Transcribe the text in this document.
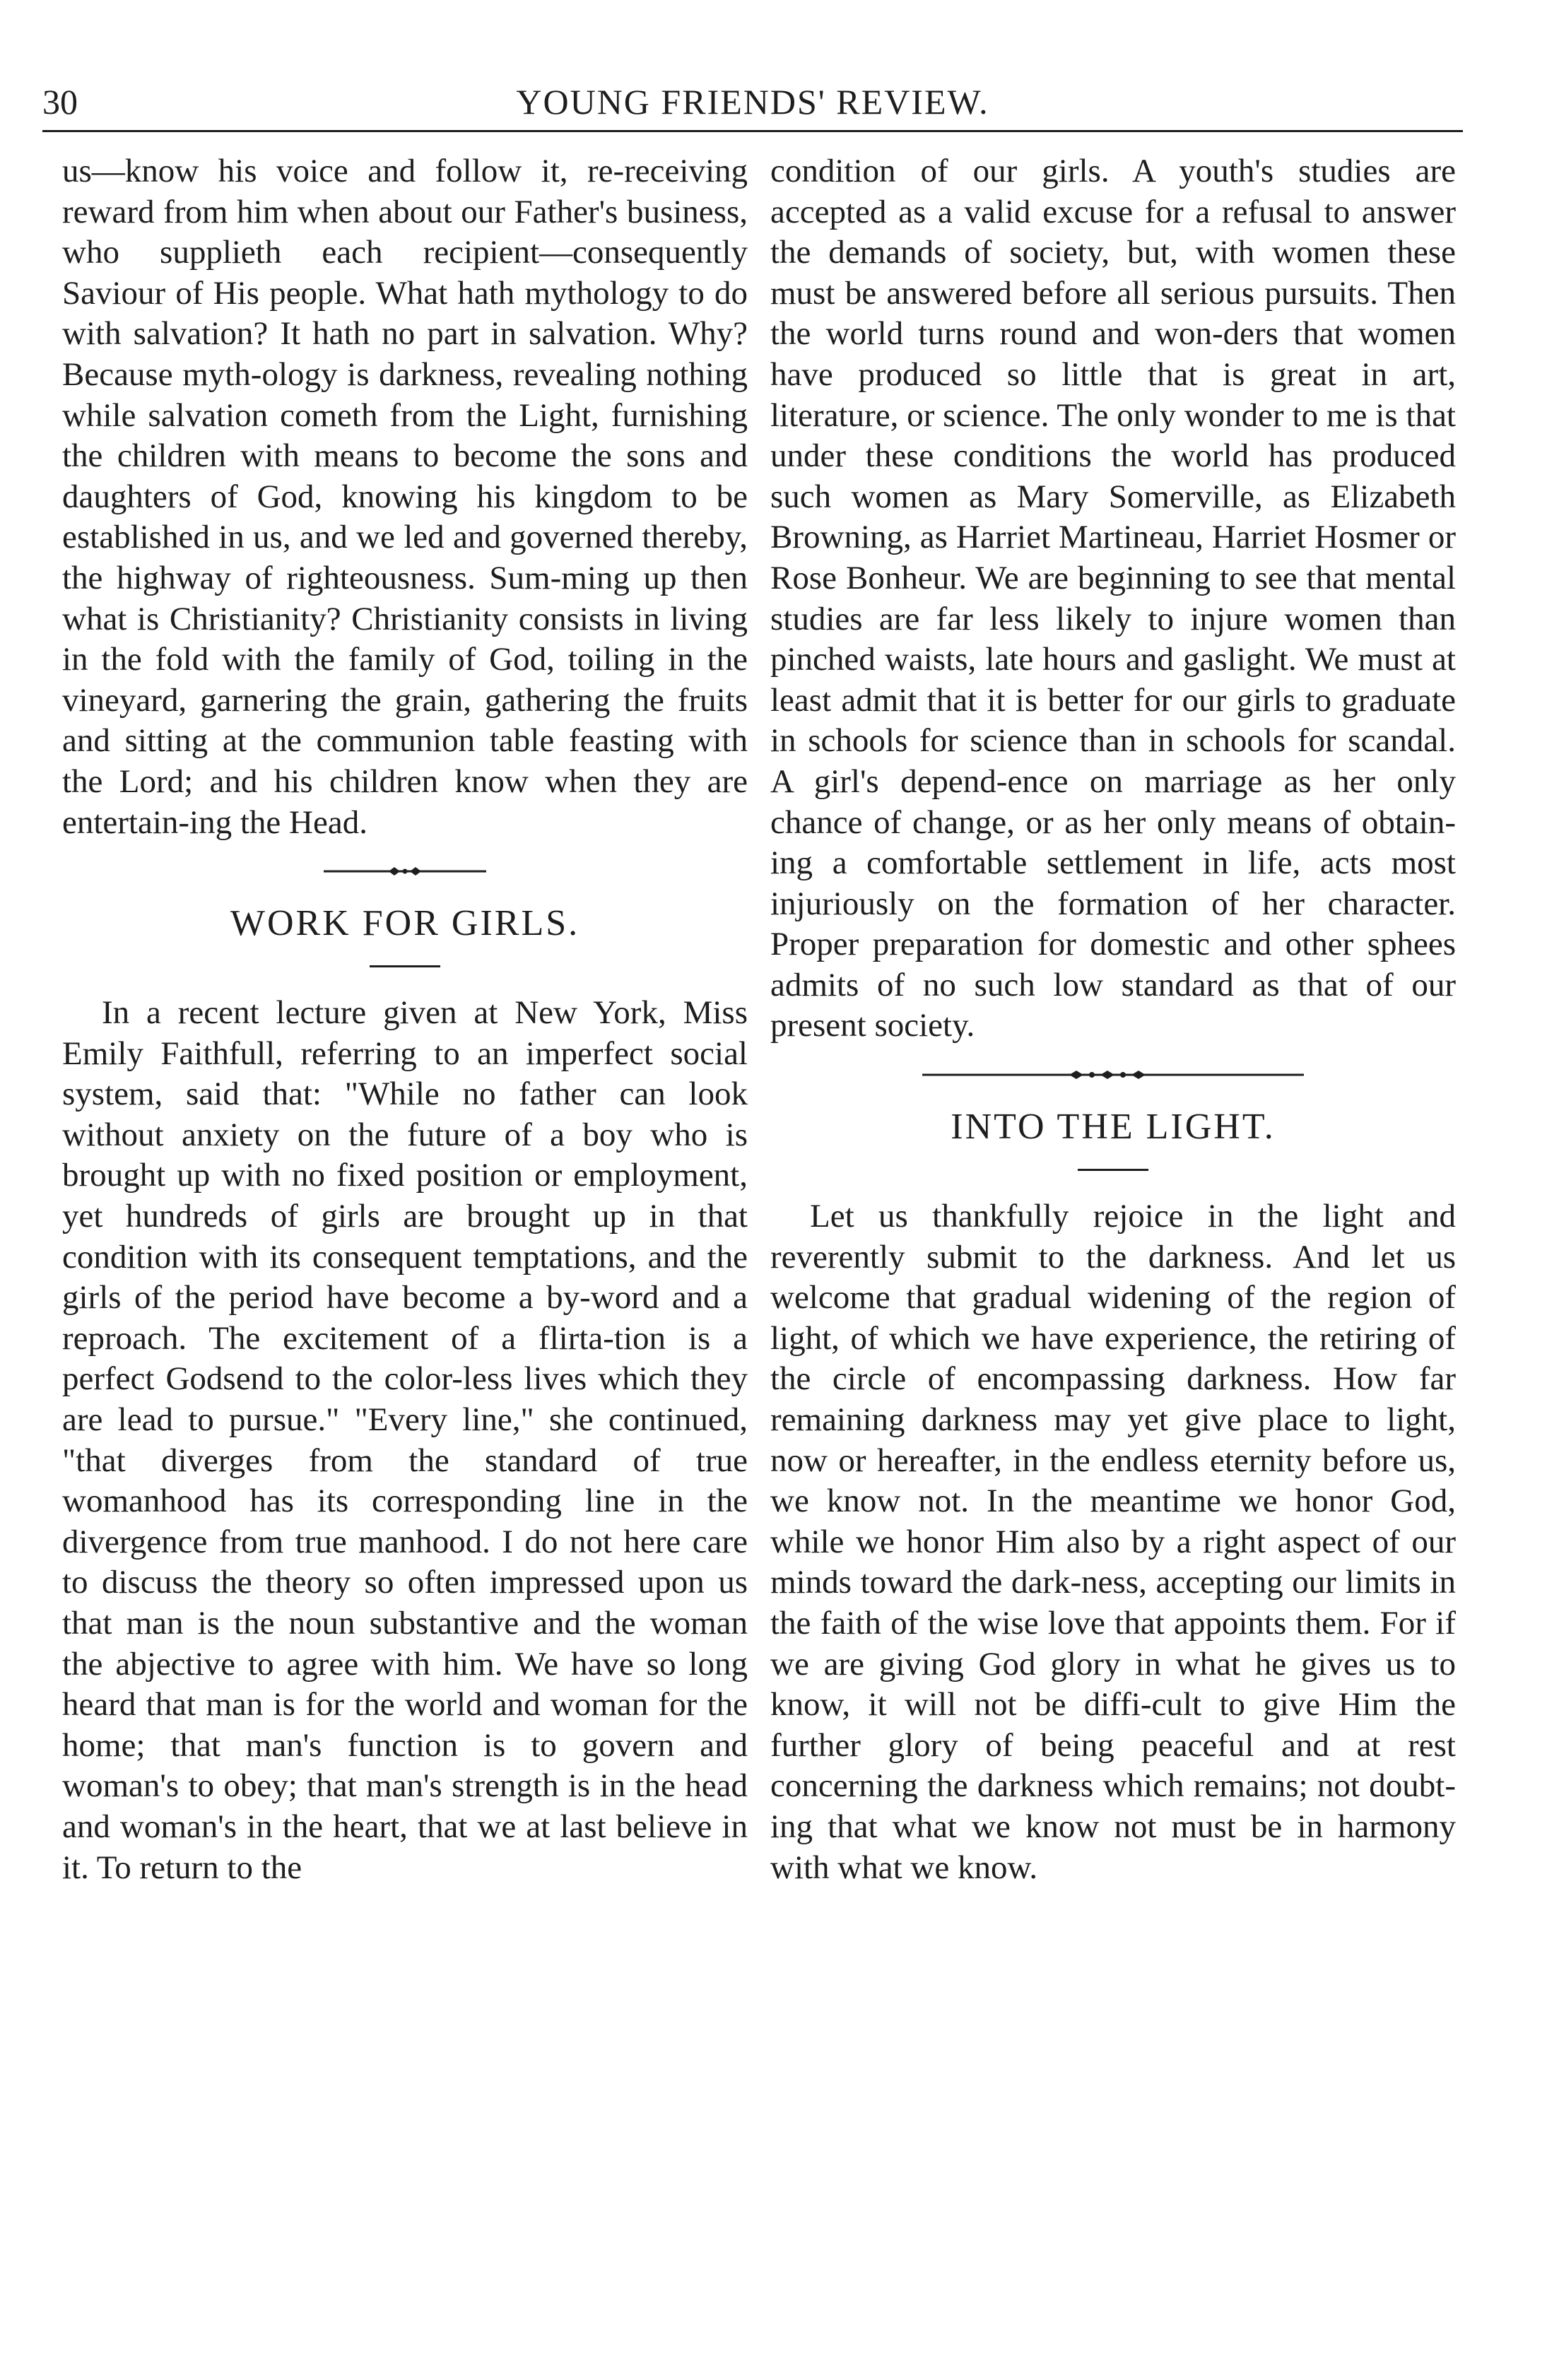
30	YOUNG FRIENDS' REVIEW.

us—know his voice and follow it, re-receiving reward from him when about our Father's business, who supplieth each recipient—consequently Saviour of His people. What hath mythology to do with salvation? It hath no part in salvation. Why? Because myth-ology is darkness, revealing nothing while salvation cometh from the Light, furnishing the children with means to become the sons and daughters of God, knowing his kingdom to be established in us, and we led and governed thereby, the highway of righteousness. Sum-ming up then what is Christianity? Christianity consists in living in the fold with the family of God, toiling in the vineyard, garnering the grain, gathering the fruits and sitting at the communion table feasting with the Lord; and his children know when they are entertain-ing the Head.

WORK FOR GIRLS.

In a recent lecture given at New York, Miss Emily Faithfull, referring to an imperfect social system, said that: "While no father can look without anxiety on the future of a boy who is brought up with no fixed position or employment, yet hundreds of girls are brought up in that condition with its consequent temptations, and the girls of the period have become a by-word and a reproach. The excitement of a flirta-tion is a perfect Godsend to the color-less lives which they are lead to pursue." "Every line," she continued, "that diverges from the standard of true womanhood has its corresponding line in the divergence from true manhood. I do not here care to discuss the theory so often impressed upon us that man is the noun substantive and the woman the abjective to agree with him. We have so long heard that man is for the world and woman for the home; that man's function is to govern and woman's to obey; that man's strength is in the head and woman's in the heart, that we at last believe in it. To return to the

condition of our girls. A youth's studies are accepted as a valid excuse for a refusal to answer the demands of society, but, with women these must be answered before all serious pursuits. Then the world turns round and won-ders that women have produced so little that is great in art, literature, or science. The only wonder to me is that under these conditions the world has produced such women as Mary Somerville, as Elizabeth Browning, as Harriet Martineau, Harriet Hosmer or Rose Bonheur. We are beginning to see that mental studies are far less likely to injure women than pinched waists, late hours and gaslight. We must at least admit that it is better for our girls to graduate in schools for science than in schools for scandal. A girl's depend-ence on marriage as her only chance of change, or as her only means of obtain-ing a comfortable settlement in life, acts most injuriously on the formation of her character. Proper preparation for domestic and other sphees admits of no such low standard as that of our present society.

INTO THE LIGHT.

Let us thankfully rejoice in the light and reverently submit to the darkness. And let us welcome that gradual widening of the region of light, of which we have experience, the retiring of the circle of encompassing darkness. How far remaining darkness may yet give place to light, now or hereafter, in the endless eternity before us, we know not. In the meantime we honor God, while we honor Him also by a right aspect of our minds toward the dark-ness, accepting our limits in the faith of the wise love that appoints them. For if we are giving God glory in what he gives us to know, it will not be diffi-cult to give Him the further glory of being peaceful and at rest concerning the darkness which remains; not doubt-ing that what we know not must be in harmony with what we know.
